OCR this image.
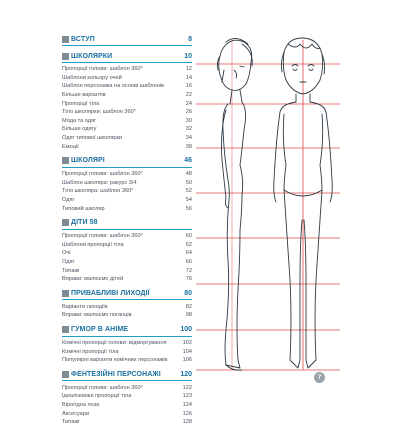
ВСТУП	8
ШКОЛЯРКИ	10
Пропорції голови: шаблон 360°	12
Шаблони кольору очей	14
Шаблон персонажа на основі шаблонів	16
Більше варіантів	22
Пропорції тіла	24
Тіло школярки: шаблон 360°	26
Мода та одяг	30
Більше одягу	32
Одяг типової школярки	34
Емоції	38
ШКОЛЯРІ	46
Пропорції голови: шаблон 360°	48
Шаблон школяра: ракурс 3/4	50
Тіло школяра: шаблон 360°	52
Одяг	54
Типовий школяр	56
ДІТИ 58
Пропорції голови: шаблон 360°	60
Шаблони пропорції тіла	62
Очі	64
Одяг	66
Типажі	72
Вправи: малюємо дітей	76
ПРИВАБЛИВІ ЛИХОДІЇ	80
Варіанти лиходіїв	82
Вправи: малюємо поганців	98
ГУМОР В АНІМЕ	100
Комічні пропорції голови: відморгування	102
Комічні пропорції тіла	104
Популярні варіанти комічних персонажів	106
ФЕНТЕЗІЙНІ ПЕРСОНАЖІ	120
Пропорції голови: шаблон 360°	122
Ідеалізовані пропорції тіла	123
Вірогідна поза	124
Аксесуари	126
Типажі	128
7
